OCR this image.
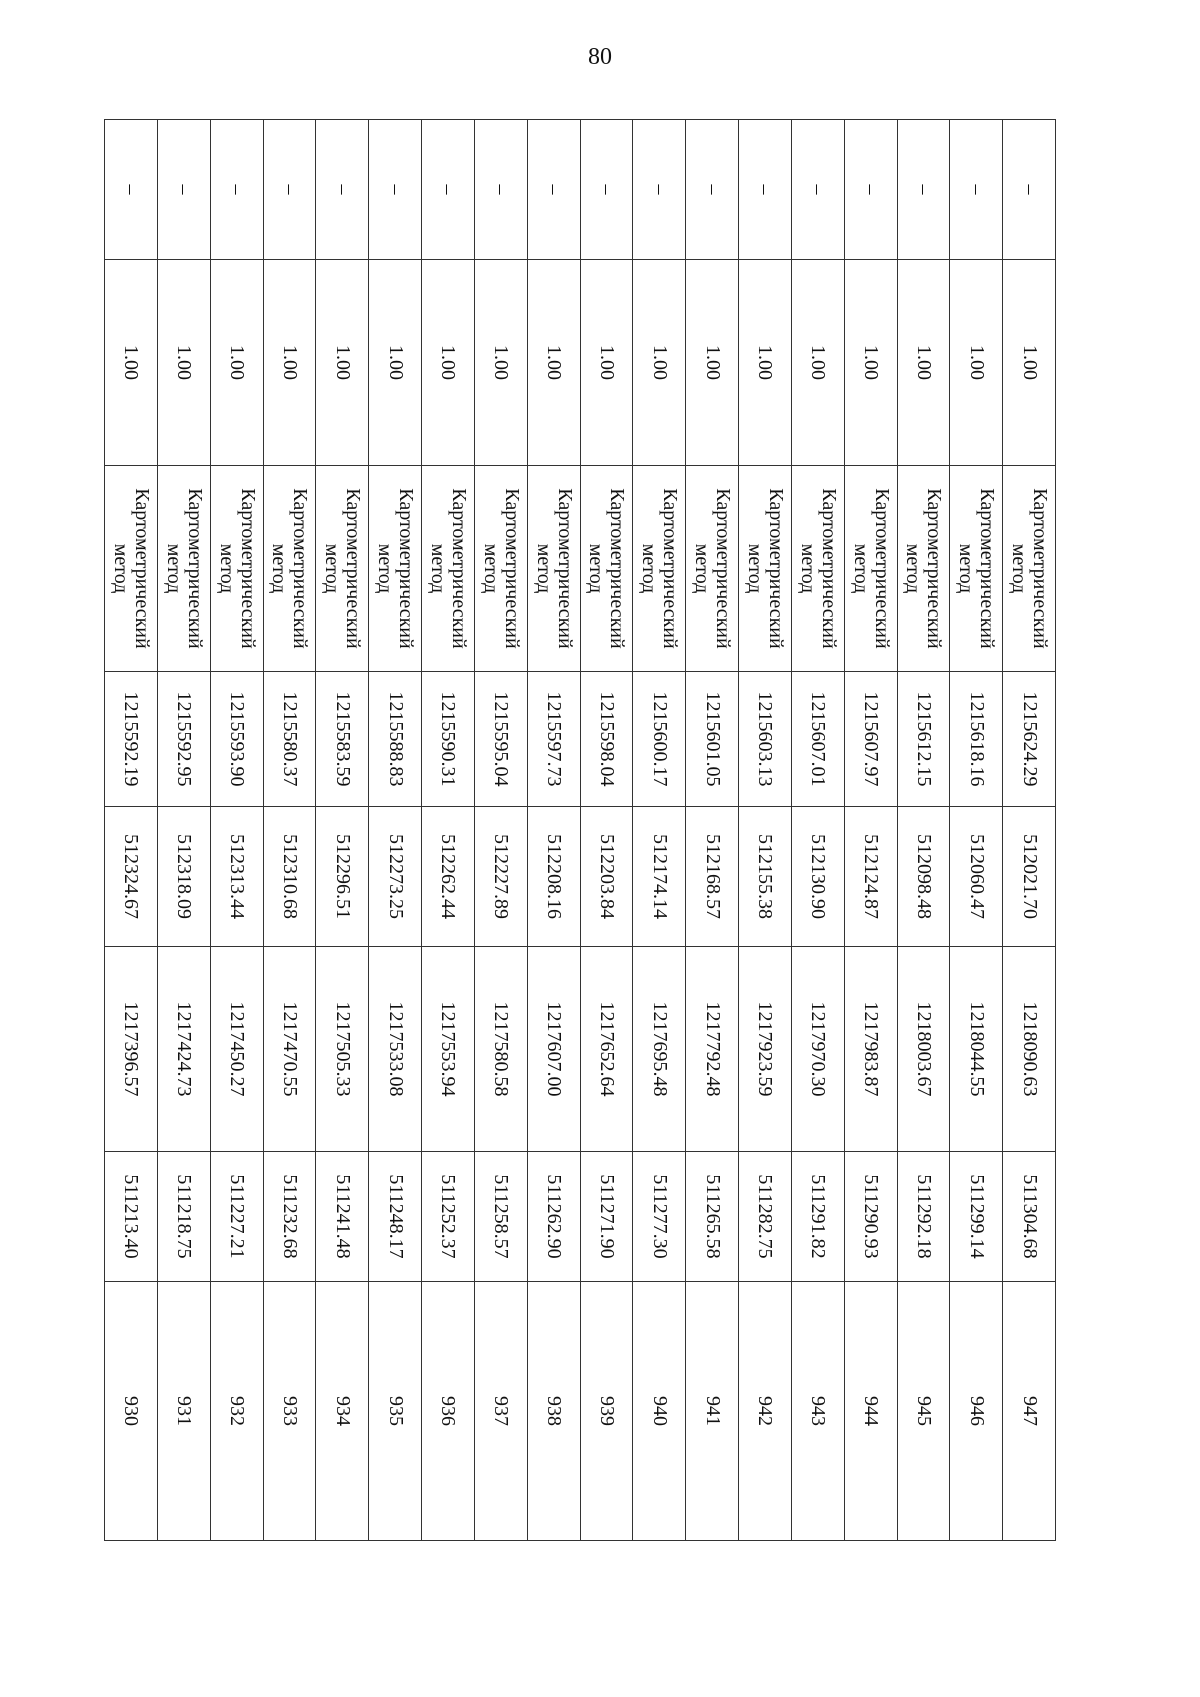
80
–	1.00	Картометрический метод	1215624.29	512021.70	1218090.63	511304.68	947
–	1.00	Картометрический метод	1215618.16	512060.47	1218044.55	511299.14	946
–	1.00	Картометрический метод	1215612.15	512098.48	1218003.67	511292.18	945
–	1.00	Картометрический метод	1215607.97	512124.87	1217983.87	511290.93	944
–	1.00	Картометрический метод	1215607.01	512130.90	1217970.30	511291.82	943
–	1.00	Картометрический метод	1215603.13	512155.38	1217923.59	511282.75	942
–	1.00	Картометрический метод	1215601.05	512168.57	1217792.48	511265.58	941
–	1.00	Картометрический метод	1215600.17	512174.14	1217695.48	511277.30	940
–	1.00	Картометрический метод	1215598.04	512203.84	1217652.64	511271.90	939
–	1.00	Картометрический метод	1215597.73	512208.16	1217607.00	511262.90	938
–	1.00	Картометрический метод	1215595.04	512227.89	1217580.58	511258.57	937
–	1.00	Картометрический метод	1215590.31	512262.44	1217553.94	511252.37	936
–	1.00	Картометрический метод	1215588.83	512273.25	1217533.08	511248.17	935
–	1.00	Картометрический метод	1215583.59	512296.51	1217505.33	511241.48	934
–	1.00	Картометрический метод	1215580.37	512310.68	1217470.55	511232.68	933
–	1.00	Картометрический метод	1215593.90	512313.44	1217450.27	511227.21	932
–	1.00	Картометрический метод	1215592.95	512318.09	1217424.73	511218.75	931
–	1.00	Картометрический метод	1215592.19	512324.67	1217396.57	511213.40	930
